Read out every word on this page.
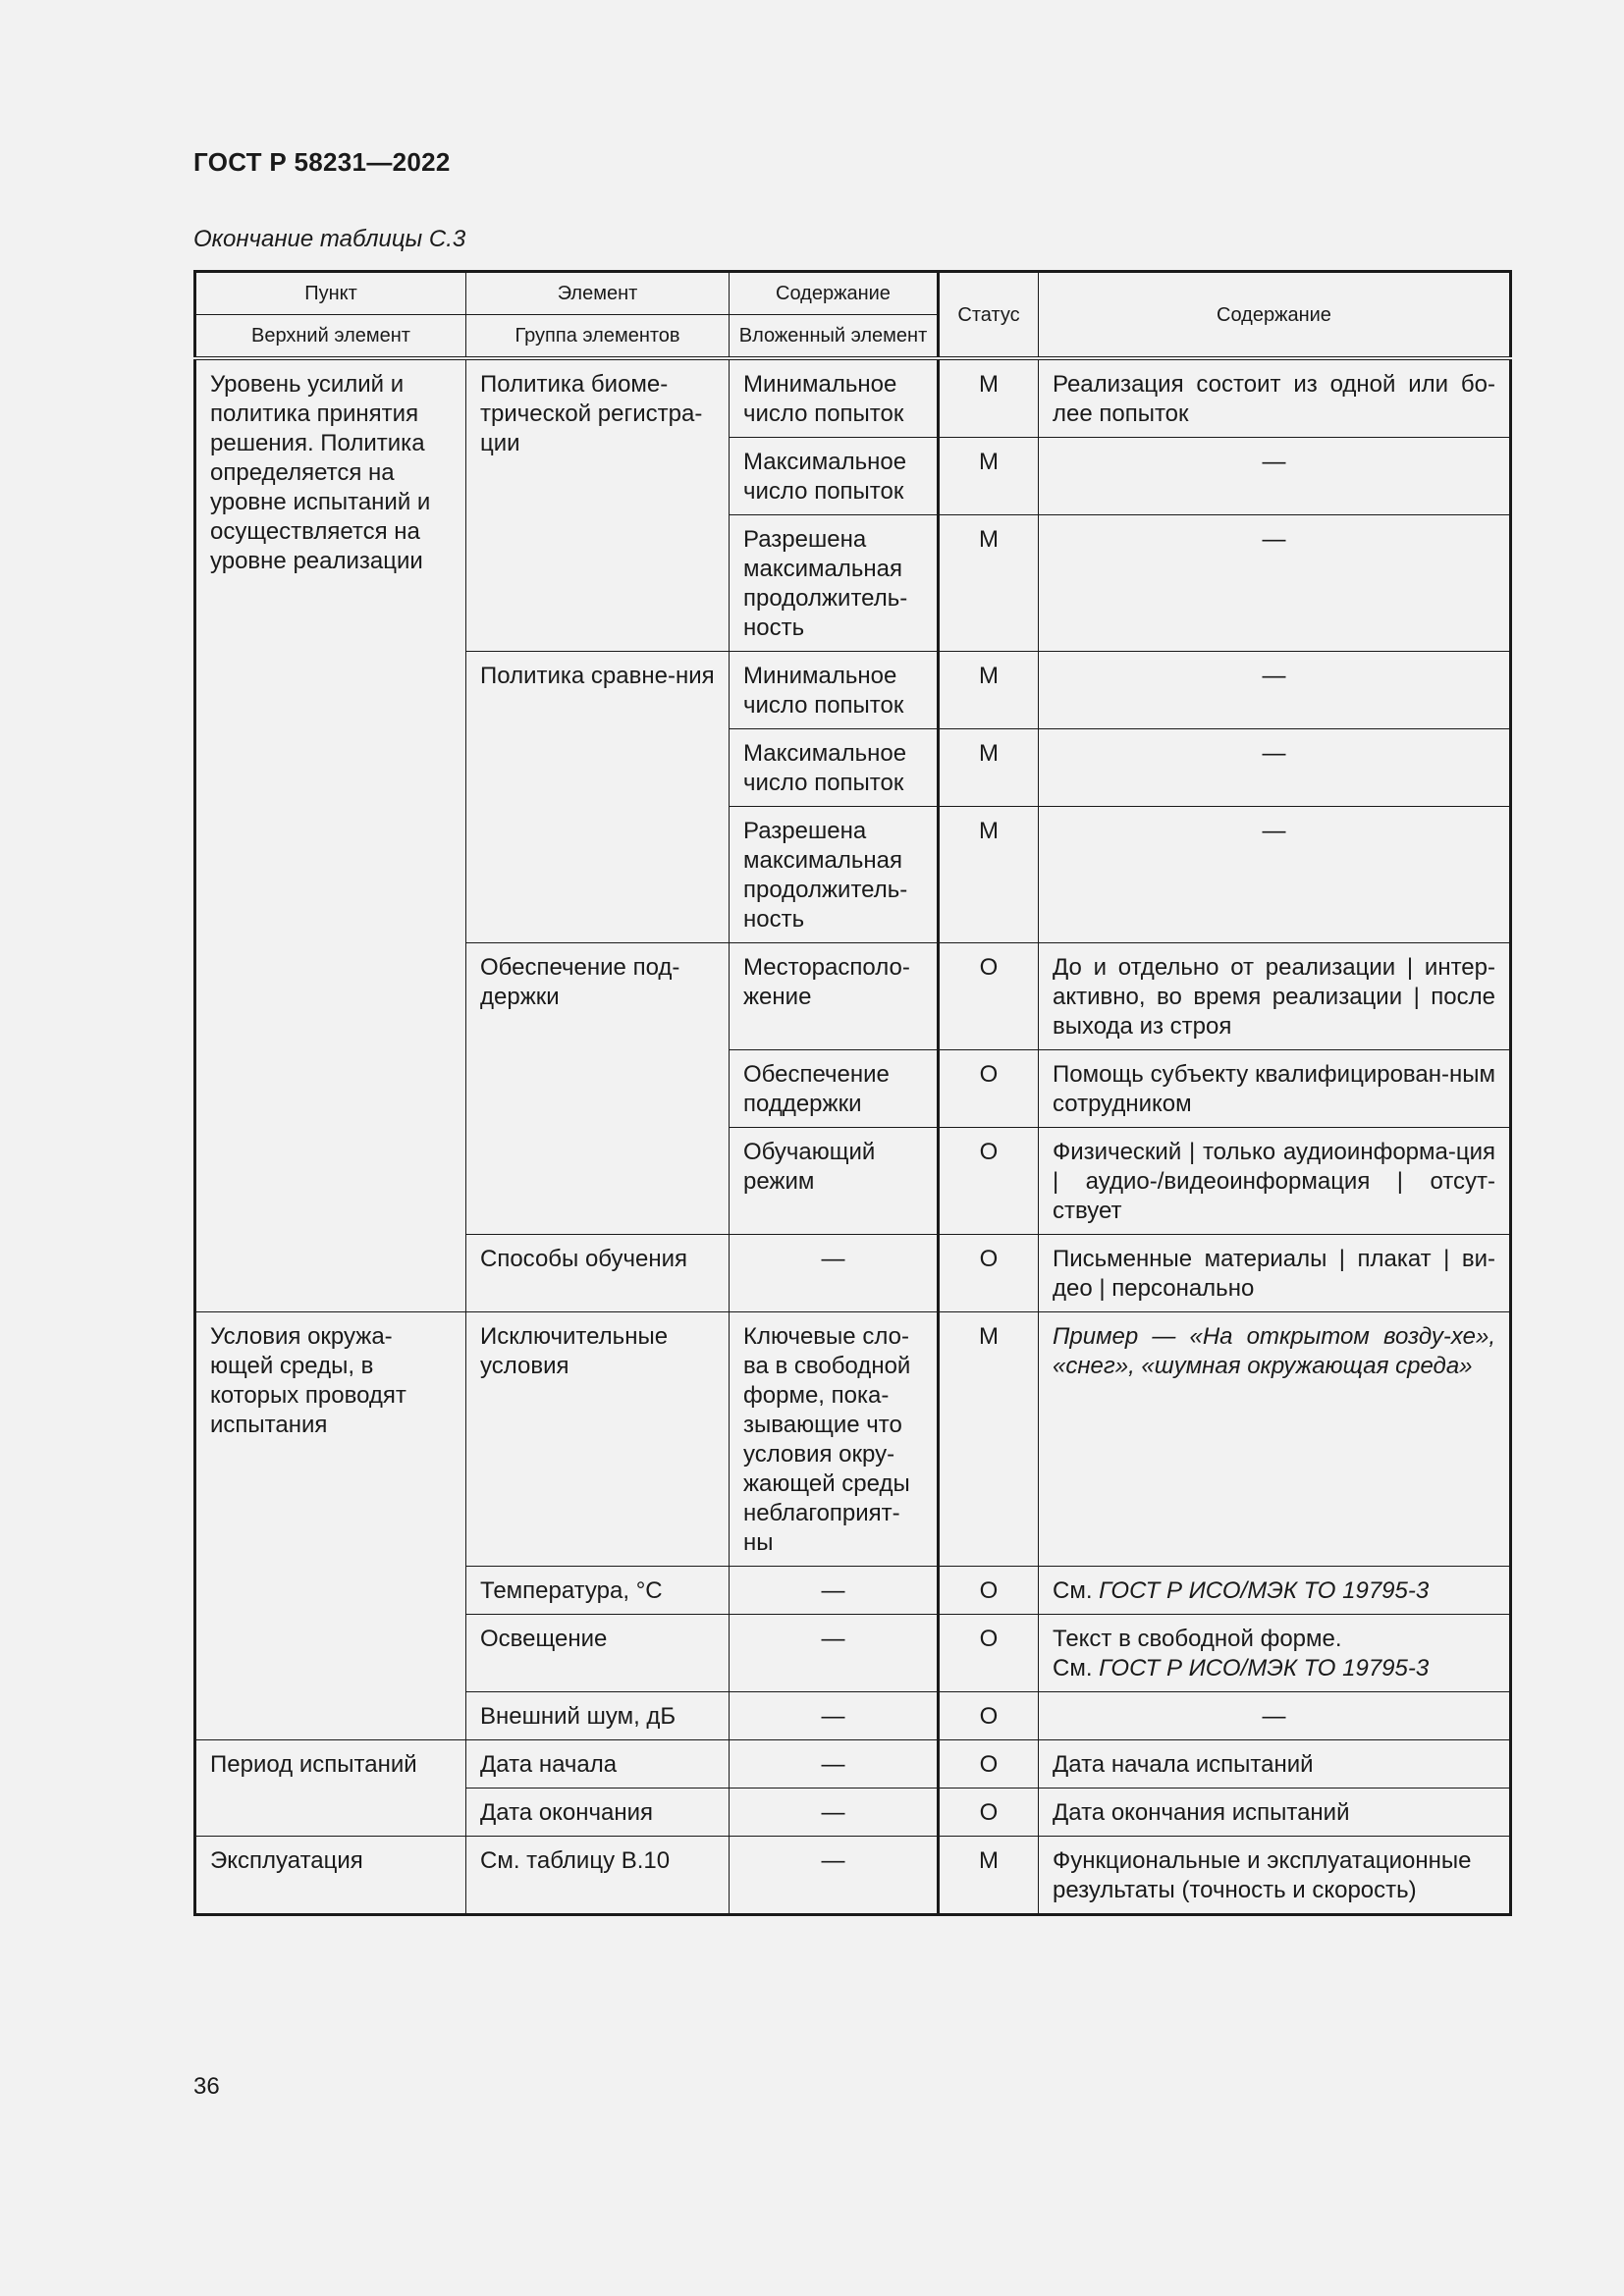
ГОСТ Р 58231—2022
Окончание таблицы С.3
Пункт	Элемент	Содержание	Статус	Содержание
Верхний элемент	Группа элементов	Вложенный элемент		
Уровень усилий и политика принятия решения. Политика определяется на уровне испытаний и осуществляется на уровне реализации	Политика биоме-трической регистра-ции	Минимальное число попыток	М	Реализация состоит из одной или бо-лее попыток
		Максимальное число попыток	М	—
		Разрешена максимальная продолжитель-ность	М	—
	Политика сравне-ния	Минимальное число попыток	М	—
		Максимальное число попыток	М	—
		Разрешена максимальная продолжитель-ность	М	—
	Обеспечение под-держки	Месторасполо-жение	О	До и отдельно от реализации | интер-активно, во время реализации | после выхода из строя
		Обеспечение поддержки	О	Помощь субъекту квалифицирован-ным сотрудником
		Обучающий режим	О	Физический | только аудиоинформа-ция | аудио-/видеоинформация | отсут-ствует
	Способы обучения	—	О	Письменные материалы | плакат | ви-део | персонально
Условия окружа-ющей среды, в которых проводят испытания	Исключительные условия	Ключевые сло-ва в свободной форме, пока-зывающие что условия окру-жающей среды неблагоприят-ны	М	Пример — «На открытом возду-хе», «снег», «шумная окружающая среда»
	Температура, °С	—	О	См. ГОСТ Р ИСО/МЭК ТО 19795-3
	Освещение	—	О	Текст в свободной форме.
См. ГОСТ Р ИСО/МЭК ТО 19795-3

	Внешний шум, дБ	—	О	—
Период испытаний	Дата начала	—	О	Дата начала испытаний
	Дата окончания	—	О	Дата окончания испытаний
Эксплуатация	См. таблицу В.10	—	М	Функциональные и эксплуатационные результаты (точность и скорость)
36
